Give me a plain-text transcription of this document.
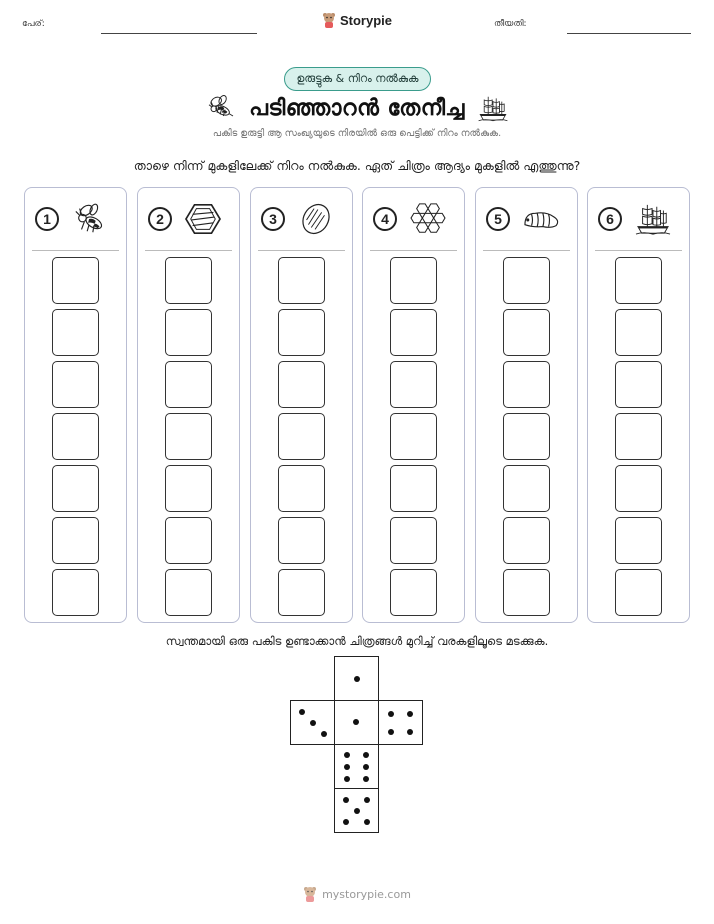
പേര്:	Storypie	തീയതി:
ഉരുട്ടുക & നിറം നൽകുക
പടിഞ്ഞാറൻ തേനീച്ച
പകിട ഉരുട്ടി ആ സംഖ്യയുടെ നിരയിൽ ഒരു പെട്ടിക്ക് നിറം നൽകുക.
താഴെ നിന്ന് മുകളിലേക്ക് നിറം നൽകുക. ഏത് ചിത്രം ആദ്യം മുകളിൽ എത്തുന്നു?
1	2	3	4	5	6
സ്വന്തമായി ഒരു പകിട ഉണ്ടാക്കാൻ ചിത്രങ്ങൾ മുറിച്ച് വരകളിലൂടെ മടക്കുക.
mystorypie.com
